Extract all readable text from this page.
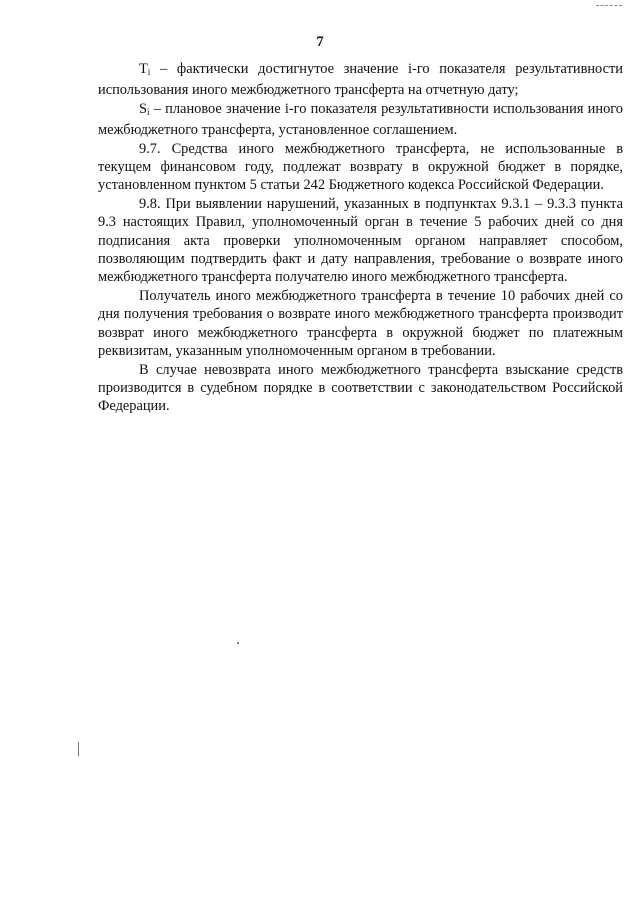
7

Ti – фактически достигнутое значение i-го показателя результативности использования иного межбюджетного трансферта на отчетную дату;

Si – плановое значение i-го показателя результативности использования иного межбюджетного трансферта, установленное соглашением.

9.7. Средства иного межбюджетного трансферта, не использованные в текущем финансовом году, подлежат возврату в окружной бюджет в порядке, установленном пунктом 5 статьи 242 Бюджетного кодекса Российской Федерации.

9.8. При выявлении нарушений, указанных в подпунктах 9.3.1 – 9.3.3 пункта 9.3 настоящих Правил, уполномоченный орган в течение 5 рабочих дней со дня подписания акта проверки уполномоченным органом направляет способом, позволяющим подтвердить факт и дату направления, требование о возврате иного межбюджетного трансферта получателю иного межбюджетного трансферта.

Получатель иного межбюджетного трансферта в течение 10 рабочих дней со дня получения требования о возврате иного межбюджетного трансферта производит возврат иного межбюджетного трансферта в окружной бюджет по платежным реквизитам, указанным уполномоченным органом в требовании.

В случае невозврата иного межбюджетного трансферта взыскание средств производится в судебном порядке в соответствии с законодательством Российской Федерации.
